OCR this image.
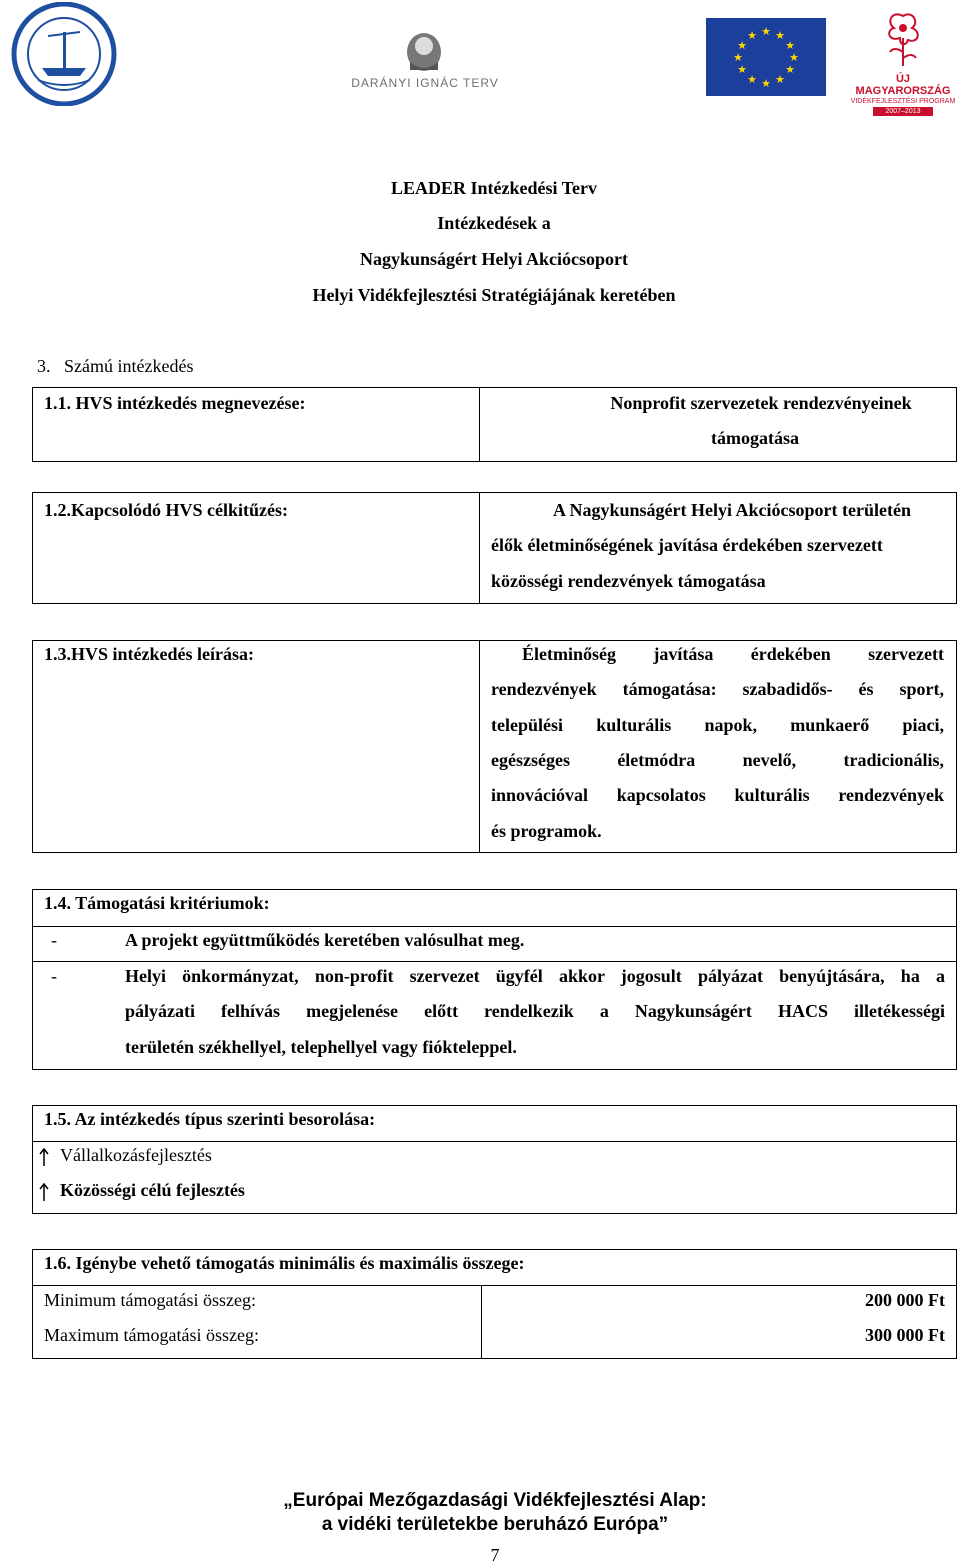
DARÁNYI IGNÁC TERV
★ ★
★
★
★
★
★
★
★
★
★
★
ÚJ MAGYARORSZÁG
VIDÉKFEJLESZTÉSI PROGRAM
2007–2013
LEADER Intézkedési Terv
Intézkedések a
Nagykunságért Helyi Akciócsoport
Helyi Vidékfejlesztési Stratégiájának keretében
3.   Számú intézkedés
1.1. HVS intézkedés megnevezése:	Nonprofit szervezetek rendezvényeinek
támogatása
1.2.Kapcsolódó HVS célkitűzés:	A Nagykunságért Helyi Akciócsoport területén
élők életminőségének javítása érdekében szervezett
közösségi rendezvények támogatása
1.3.HVS intézkedés leírása:	Életminőség javítása érdekében szervezett
rendezvények támogatása: szabadidős- és sport,
települési kulturális napok, munkaerő piaci,
egészséges életmódra nevelő, tradicionális,
innovációval kapcsolatos kulturális rendezvények
és programok.
1.4. Támogatási kritériumok:
-	A projekt együttműködés keretében valósulhat meg.
-	Helyi önkormányzat, non-profit szervezet ügyfél akkor jogosult pályázat benyújtására, ha a
pályázati felhívás megjelenése előtt rendelkezik a Nagykunságért HACS illetékességi
területén székhellyel, telephellyel vagy fiókteleppel.
1.5. Az intézkedés típus szerinti besorolása:
Vállalkozásfejlesztés
Közösségi célú fejlesztés
1.6. Igénybe vehető támogatás minimális és maximális összege:
Minimum támogatási összeg:	200 000 Ft
Maximum támogatási összeg:	300 000 Ft
„Európai Mezőgazdasági Vidékfejlesztési Alap:
a vidéki területekbe beruházó Európa”
7
